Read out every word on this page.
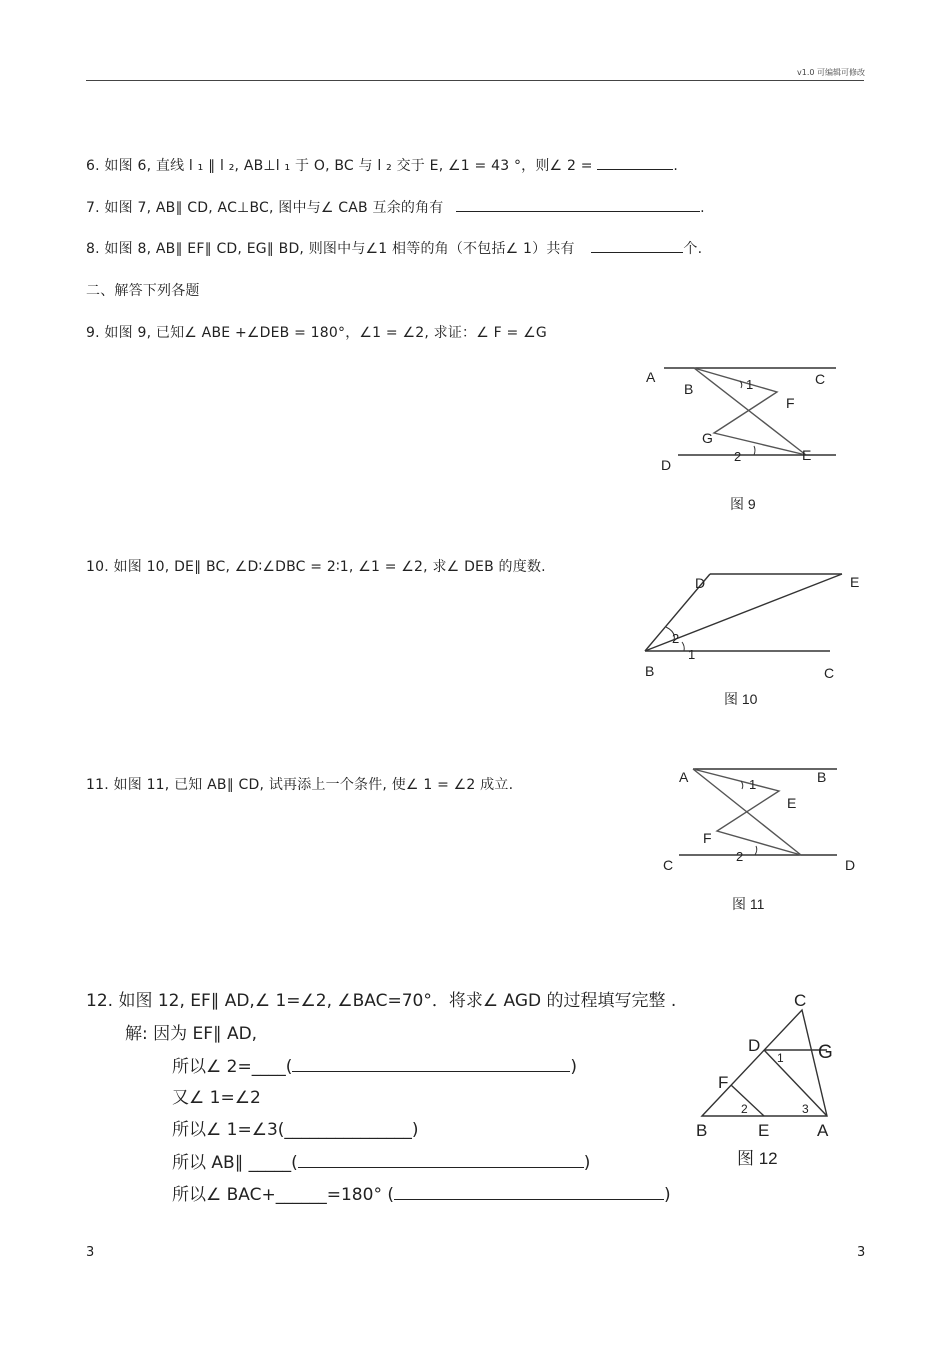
v1.0 可编辑可修改
6. 如图 6, 直线 l ₁ ∥ l ₂, AB⊥l ₁ 于 O, BC 与 l ₂ 交于 E, ∠1 = 43 °，则∠ 2 =	.
7. 如图 7, AB∥ CD, AC⊥BC, 图中与∠ CAB 互余的角有	.
8. 如图 8, AB∥ EF∥ CD, EG∥ BD, 则图中与∠1 相等的角（不包括∠ 1）共有	个.
二、解答下列各题
9. 如图 9, 已知∠ ABE +∠DEB = 180°，∠1 = ∠2, 求证：∠ F = ∠G
A
B
C
1
F
G
2	E
D
图 9
10. 如图 10, DE∥ BC, ∠D∶∠DBC = 2∶1, ∠1 = ∠2, 求∠ DEB 的度数.
D	E
2
1
B	C
图 10
11. 如图 11, 已知 AB∥ CD, 试再添上一个条件, 使∠ 1 = ∠2 成立.	A	B
1
E
F
2
C	D
图 11
12. 如图 12, EF∥ AD,∠ 1=∠2, ∠BAC=70°．将求∠ AGD 的过程填写完整 .
解: 因为 EF∥ AD,
所以∠ 2=____(	)
又∠ 1=∠2
所以∠ 1=∠3(_______________)
所以 AB∥ _____(	)
所以∠ BAC+______=180° (	)
C
D
1 G
F
2	3
B	E	A
图 12
3	3
